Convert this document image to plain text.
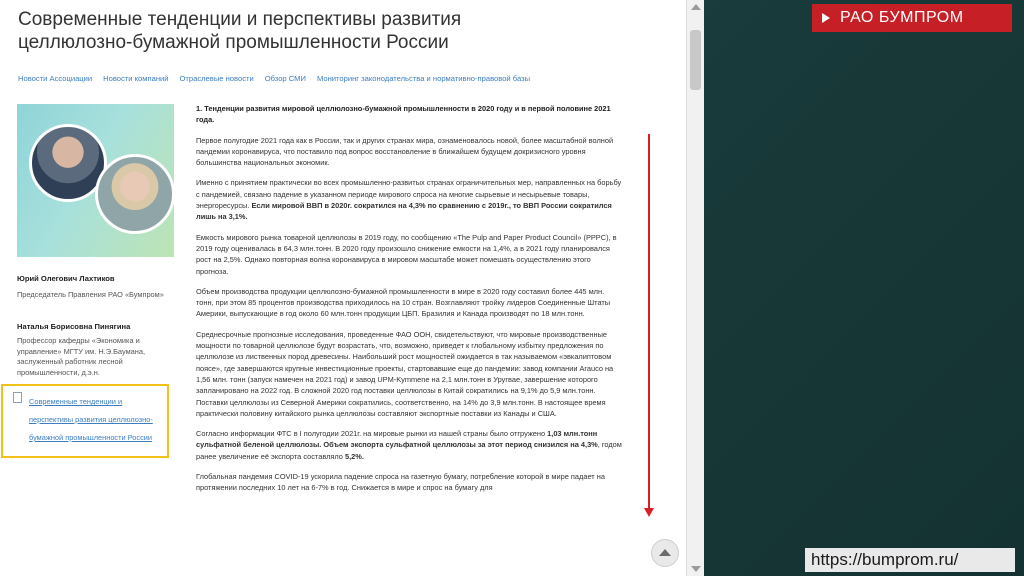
Современные тенденции и перспективы развития целлюлозно-бумажной промышленности России
Новости Ассоциации Новости компаний Отраслевые новости Обзор СМИ Мониторинг законодательства и нормативно-правовой базы
Юрий Олегович Лахтиков
Председатель Правления РАО «Бумпром»
Наталья Борисовна Пинягина
Профессор кафедры «Экономика и управление» МГТУ им. Н.Э.Баумана, заслуженный работник лесной промышленности, д.э.н.
Современные тенденции и перспективы развития целлюлозно-бумажной промышленности России

1. Тенденции развития мировой целлюлозно-бумажной промышленности в 2020 году и в первой половине 2021 года.

Первое полугодие 2021 года как в России, так и других странах мира, ознаменовалось новой, более масштабной волной пандемии коронавируса, что поставило под вопрос восстановление в ближайшем будущем докризисного уровня большинства национальных экономик.

Именно с принятием практически во всех промышленно-развитых странах ограничительных мер, направленных на борьбу с пандемией, связано падение в указанном периоде мирового спроса на многие сырьевые и несырьевые товары, энергоресурсы. Если мировой ВВП в 2020г. сократился на 4,3% по сравнению с 2019г., то ВВП России сократился лишь на 3,1%.

Емкость мирового рынка товарной целлюлозы в 2019 году, по сообщению «The Pulp and Paper Product Council» (PPPC), в 2019 году оценивалась в 64,3 млн.тонн. В 2020 году произошло снижение емкости на 1,4%, а в 2021 году планировался рост на 2,5%. Однако повторная волна коронавируса в мировом масштабе может помешать осуществлению этого прогноза.

Объем производства продукции целлюлозно-бумажной промышленности в мире в 2020 году составил более 445 млн. тонн, при этом 85 процентов производства приходилось на 10 стран. Возглавляют тройку лидеров Соединенные Штаты Америки, выпускающие в год около 60 млн.тонн продукции ЦБП. Бразилия и Канада производят по 18 млн.тонн.

Среднесрочные прогнозные исследования, проведенные ФАО ООН, свидетельствуют, что мировые производственные мощности по товарной целлюлозе будут возрастать, что, возможно, приведет к глобальному избытку предложения по целлюлозе из лиственных пород древесины. Наибольший рост мощностей ожидается в так называемом «эвкалиптовом поясе», где завершаются крупные инвестиционные проекты, стартовавшие еще до пандемии: завод компании Arauco на 1,56 млн. тонн (запуск намечен на 2021 год) и завод UPM-Kymmene на 2,1 млн.тонн в Уругвае, завершение которого запланировано на 2022 год. В сложной 2020 год поставки целлюлозы в Китай сократились на 9,1% до 5,9 млн.тонн. Поставки целлюлозы из Северной Америки сократились, соответственно, на 14% до 3,9 млн.тонн. В настоящее время практически половину китайского рынка целлюлозы составляют экспортные поставки из Канады и США.

Согласно информации ФТС в I полугодии 2021г. на мировые рынки из нашей страны было отгружено 1,03 млн.тонн сульфатной беленой целлюлозы. Объем экспорта сульфатной целлюлозы за этот период снизился на 4,3%, годом ранее увеличение её экспорта составляло 5,2%.

Глобальная пандемия COVID-19 ускорила падение спроса на газетную бумагу, потребление которой в мире падает на протяжении последних 10 лет на 6-7% в год. Снижается в мире и спрос на бумагу для

РАО БУМПРОМ
https://bumprom.ru/
